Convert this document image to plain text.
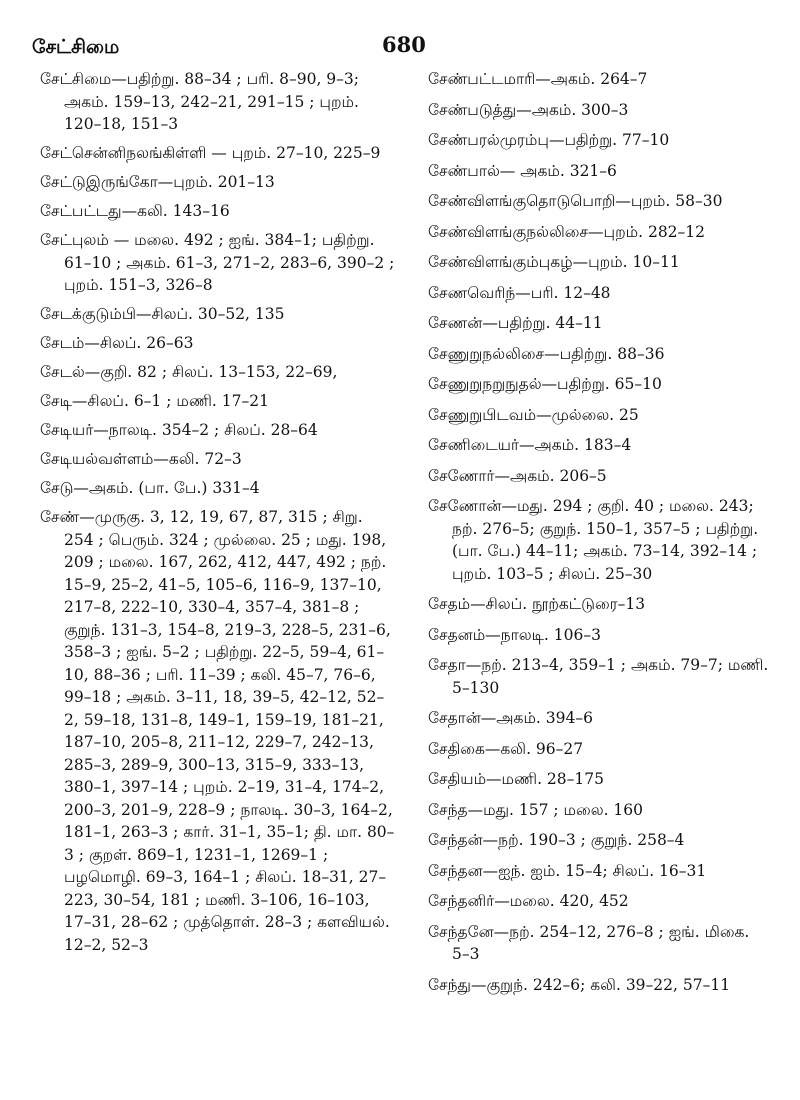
சேட்சிமை	680

சேட்சிமை—பதிற்று. 88–34 ; பரி. 8–90, 9–3; அகம். 159–13, 242–21, 291–15 ; புறம். 120–18, 151–3

சேட்சென்னிநலங்கிள்ளி — புறம். 27–10, 225–9

சேட்டுஇருங்கோ—புறம். 201–13

சேட்பட்டது—கலி. 143–16

சேட்புலம் — மலை. 492 ; ஐங். 384–1; பதிற்று. 61–10 ; அகம். 61–3, 271–2, 283–6, 390–2 ; புறம். 151–3, 326–8

சேடக்குடும்பி—சிலப். 30–52, 135

சேடம்—சிலப். 26–63

சேடல்—குறி. 82 ; சிலப். 13–153, 22–69,

சேடி—சிலப். 6–1 ; மணி. 17–21

சேடியர்—நாலடி. 354–2 ; சிலப். 28–64

சேடியல்வள்ளம்—கலி. 72–3

சேடு—அகம். (பா. பே.) 331–4

சேண்—முருகு. 3, 12, 19, 67, 87, 315 ; சிறு. 254 ; பெரும். 324 ; முல்லை. 25 ; மது. 198, 209 ; மலை. 167, 262, 412, 447, 492 ; நற். 15–9, 25–2, 41–5, 105–6, 116–9, 137–10, 217–8, 222–10, 330–4, 357–4, 381–8 ; குறுந். 131–3, 154–8, 219–3, 228–5, 231–6, 358–3 ; ஐங். 5–2 ; பதிற்று. 22–5, 59–4, 61–10, 88–36 ; பரி. 11–39 ; கலி. 45–7, 76–6, 99–18 ; அகம். 3–11, 18, 39–5, 42–12, 52–2, 59–18, 131–8, 149–1, 159–19, 181–21, 187–10, 205–8, 211–12, 229–7, 242–13, 285–3, 289–9, 300–13, 315–9, 333–13, 380–1, 397–14 ; புறம். 2–19, 31–4, 174–2, 200–3, 201–9, 228–9 ; நாலடி. 30–3, 164–2, 181–1, 263–3 ; கார். 31–1, 35–1; தி. மா. 80–3 ; குறள். 869–1, 1231–1, 1269–1 ; பழமொழி. 69–3, 164–1 ; சிலப். 18–31, 27–223, 30–54, 181 ; மணி. 3–106, 16–103, 17–31, 28–62 ; முத்தொள். 28–3 ; களவியல். 12–2, 52–3

சேண்பட்டமாரி—அகம். 264–7

சேண்படுத்து—அகம். 300–3

சேண்பரல்முரம்பு—பதிற்று. 77–10

சேண்பால்— அகம். 321–6

சேண்விளங்குதொடுபொறி—புறம். 58–30

சேண்விளங்குநல்லிசை—புறம். 282–12

சேண்விளங்கும்புகழ்—புறம். 10–11

சேணவெரிந்—பரி. 12–48

சேணன்—பதிற்று. 44–11

சேணுறுநல்லிசை—பதிற்று. 88–36

சேணுறுநறுநுதல்—பதிற்று. 65–10

சேணுறுபிடவம்—முல்லை. 25

சேணிடையர்—அகம். 183–4

சேணோர்—அகம். 206–5

சேணோன்—மது. 294 ; குறி. 40 ; மலை. 243; நற். 276–5; குறுந். 150–1, 357–5 ; பதிற்று. (பா. பே.) 44–11; அகம். 73–14, 392–14 ; புறம். 103–5 ; சிலப். 25–30

சேதம்—சிலப். நூற்கட்டுரை–13

சேதனம்—நாலடி. 106–3

சேதா—நற். 213–4, 359–1 ; அகம். 79–7; மணி. 5–130

சேதான்—அகம். 394–6

சேதிகை—கலி. 96–27

சேதியம்—மணி. 28–175

சேந்த—மது. 157 ; மலை. 160

சேந்தன்—நற். 190–3 ; குறுந். 258–4

சேந்தன—ஐந். ஐம். 15–4; சிலப். 16–31

சேந்தனிர்—மலை. 420, 452

சேந்தனே—நற். 254–12, 276–8 ; ஐங். மிகை. 5–3

சேந்து—குறுந். 242–6; கலி. 39–22, 57–11
